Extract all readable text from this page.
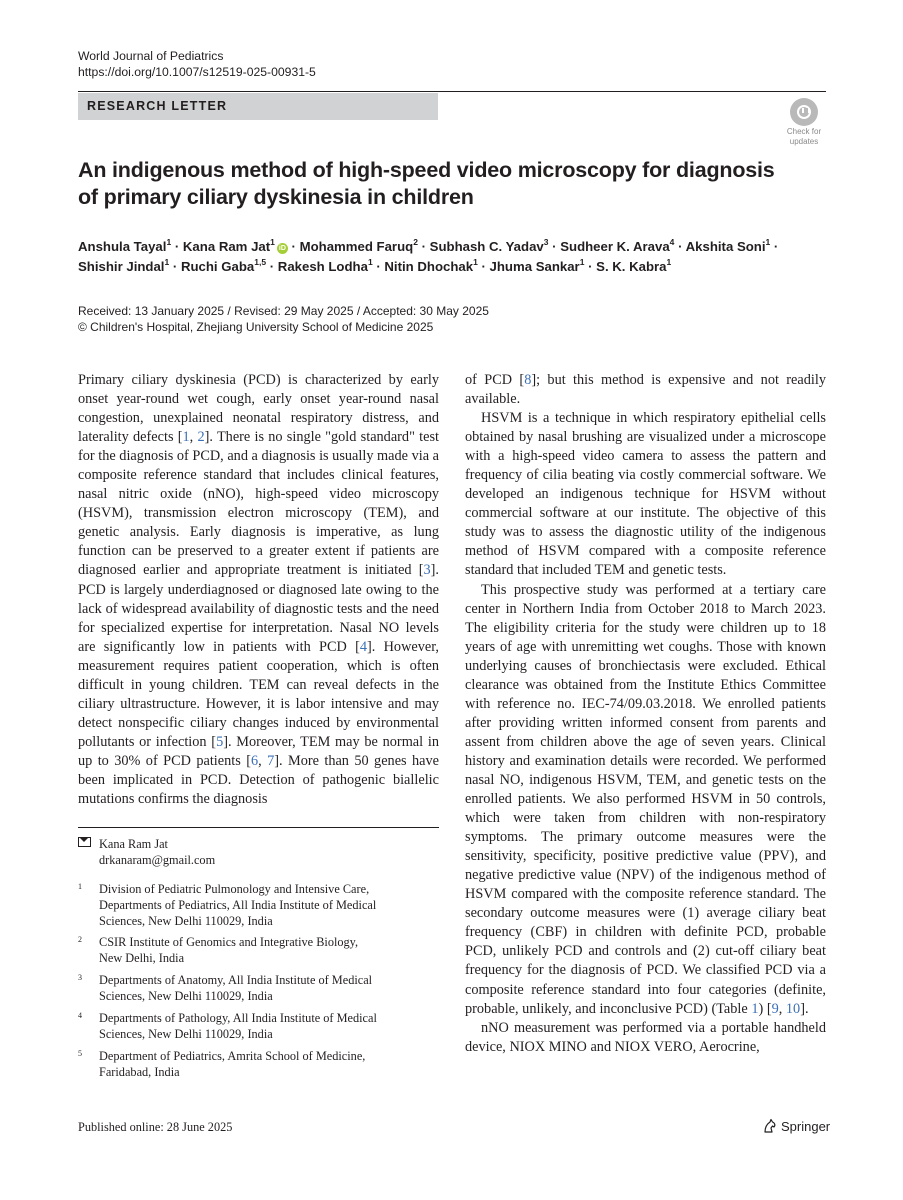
World Journal of Pediatrics
https://doi.org/10.1007/s12519-025-00931-5
RESEARCH LETTER
Check for
updates
An indigenous method of high-speed video microscopy for diagnosis
of primary ciliary dyskinesia in children
Anshula Tayal$^1$ · Kana Ram Jat$^1$iD · Mohammed Faruq$^2$ · Subhash C. Yadav$^3$ · Sudheer K. Arava$^4$ · Akshita Soni$^1$ ·
Shishir Jindal$^1$ · Ruchi Gaba$^{1,5}$ · Rakesh Lodha$^1$ · Nitin Dhochak$^1$ · Jhuma Sankar$^1$ · S. K. Kabra$^1$
Received: 13 January 2025 / Revised: 29 May 2025 / Accepted: 30 May 2025
© Children's Hospital, Zhejiang University School of Medicine 2025

Primary ciliary dyskinesia (PCD) is characterized by early onset year-round wet cough, early onset year-round nasal congestion, unexplained neonatal respiratory distress, and laterality defects [1, 2]. There is no single "gold standard" test for the diagnosis of PCD, and a diagnosis is usually made via a composite reference standard that includes clinical features, nasal nitric oxide (nNO), high-speed video microscopy (HSVM), transmission electron microscopy (TEM), and genetic analysis. Early diagnosis is imperative, as lung function can be preserved to a greater extent if patients are diagnosed earlier and appropriate treatment is initiated [3]. PCD is largely underdiagnosed or diagnosed late owing to the lack of widespread availability of diagnostic tests and the need for specialized expertise for interpretation. Nasal NO levels are significantly low in patients with PCD [4]. However, measurement requires patient cooperation, which is often difficult in young children. TEM can reveal defects in the ciliary ultrastructure. However, it is labor intensive and may detect nonspecific ciliary changes induced by environmental pollutants or infection [5]. Moreover, TEM may be normal in up to 30% of PCD patients [6, 7]. More than 50 genes have been implicated in PCD. Detection of pathogenic biallelic mutations confirms the diagnosis

of PCD [8]; but this method is expensive and not readily available.

HSVM is a technique in which respiratory epithelial cells obtained by nasal brushing are visualized under a microscope with a high-speed video camera to assess the pattern and frequency of cilia beating via costly commercial software. We developed an indigenous technique for HSVM without commercial software at our institute. The objective of this study was to assess the diagnostic utility of the indigenous method of HSVM compared with a composite reference standard that included TEM and genetic tests.

This prospective study was performed at a tertiary care center in Northern India from October 2018 to March 2023. The eligibility criteria for the study were children up to 18 years of age with unremitting wet coughs. Those with known underlying causes of bronchiectasis were excluded. Ethical clearance was obtained from the Institute Ethics Committee with reference no. IEC-74/09.03.2018. We enrolled patients after providing written informed consent from parents and assent from children above the age of seven years. Clinical history and examination details were recorded. We performed nasal NO, indigenous HSVM, TEM, and genetic tests on the enrolled patients. We also performed HSVM in 50 controls, which were taken from children with non-respiratory symptoms. The primary outcome measures were the sensitivity, specificity, positive predictive value (PPV), and negative predictive value (NPV) of the indigenous method of HSVM compared with the composite reference standard. The secondary outcome measures were (1) average ciliary beat frequency (CBF) in children with definite PCD, probable PCD, unlikely PCD and controls and (2) cut-off ciliary beat frequency for the diagnosis of PCD. We classified PCD via a composite reference standard into four categories (definite, probable, unlikely, and inconclusive PCD) (Table 1) [9, 10].

nNO measurement was performed via a portable handheld device, NIOX MINO and NIOX VERO, Aerocrine,

Kana Ram Jat
drkanaram@gmail.com
1 Division of Pediatric Pulmonology and Intensive Care,
Departments of Pediatrics, All India Institute of Medical
Sciences, New Delhi 110029, India
2 CSIR Institute of Genomics and Integrative Biology,
New Delhi, India
3 Departments of Anatomy, All India Institute of Medical
Sciences, New Delhi 110029, India
4 Departments of Pathology, All India Institute of Medical
Sciences, New Delhi 110029, India
5 Department of Pediatrics, Amrita School of Medicine,
Faridabad, India
Published online: 28 June 2025	Springer
